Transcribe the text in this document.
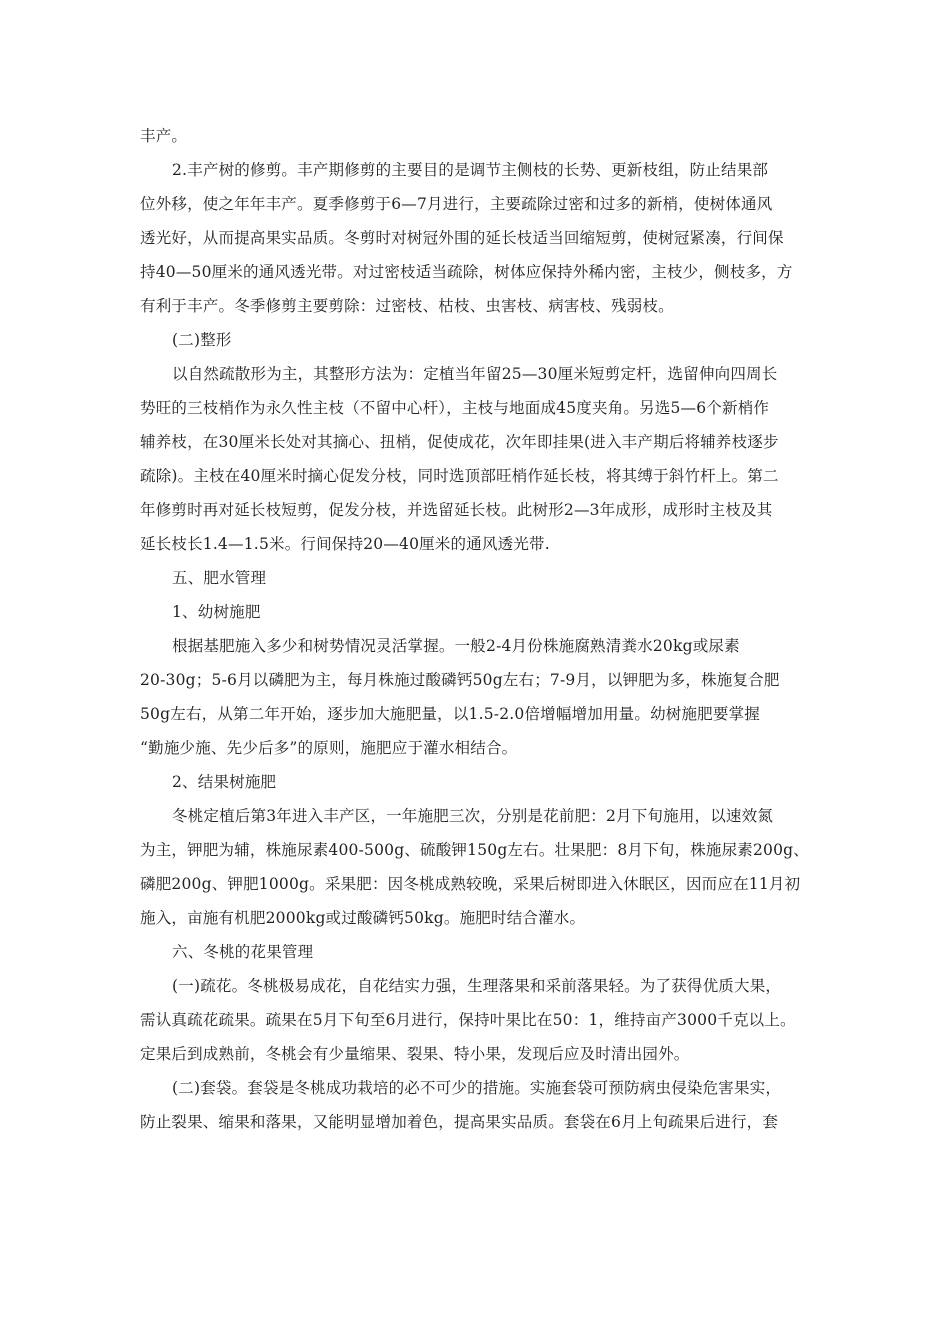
丰产。
2.丰产树的修剪。丰产期修剪的主要目的是调节主侧枝的长势、更新枝组，防止结果部
位外移，使之年年丰产。夏季修剪于6—7月进行，主要疏除过密和过多的新梢，使树体通风
透光好，从而提高果实品质。冬剪时对树冠外围的延长枝适当回缩短剪，使树冠紧凑，行间保
持40—50厘米的通风透光带。对过密枝适当疏除，树体应保持外稀内密，主枝少，侧枝多，方
有利于丰产。冬季修剪主要剪除：过密枝、枯枝、虫害枝、病害枝、残弱枝。
(二)整形
以自然疏散形为主，其整形方法为：定植当年留25—30厘米短剪定杆，选留伸向四周长
势旺的三枝梢作为永久性主枝（不留中心杆），主枝与地面成45度夹角。另选5—6个新梢作
辅养枝，在30厘米长处对其摘心、扭梢，促使成花，次年即挂果(进入丰产期后将辅养枝逐步
疏除)。主枝在40厘米时摘心促发分枝，同时选顶部旺梢作延长枝，将其缚于斜竹杆上。第二
年修剪时再对延长枝短剪，促发分枝，并选留延长枝。此树形2—3年成形，成形时主枝及其
延长枝长1.4—1.5米。行间保持20—40厘米的通风透光带.
五、肥水管理
1、幼树施肥
根据基肥施入多少和树势情况灵活掌握。一般2-4月份株施腐熟清粪水20kg或尿素
20-30g；5-6月以磷肥为主，每月株施过酸磷钙50g左右；7-9月，以钾肥为多，株施复合肥
50g左右，从第二年开始，逐步加大施肥量，以1.5-2.0倍增幅增加用量。幼树施肥要掌握
“勤施少施、先少后多”的原则，施肥应于灌水相结合。
2、结果树施肥
冬桃定植后第3年进入丰产区，一年施肥三次，分别是花前肥：2月下旬施用，以速效氮
为主，钾肥为辅，株施尿素400-500g、硫酸钾150g左右。壮果肥：8月下旬，株施尿素200g、
磷肥200g、钾肥1000g。采果肥：因冬桃成熟较晚，采果后树即进入休眠区，因而应在11月初
施入，亩施有机肥2000kg或过酸磷钙50kg。施肥时结合灌水。
六、冬桃的花果管理
(一)疏花。冬桃极易成花，自花结实力强，生理落果和采前落果轻。为了获得优质大果，
需认真疏花疏果。疏果在5月下旬至6月进行，保持叶果比在50：1，维持亩产3000千克以上。
定果后到成熟前，冬桃会有少量缩果、裂果、特小果，发现后应及时清出园外。
(二)套袋。套袋是冬桃成功栽培的必不可少的措施。实施套袋可预防病虫侵染危害果实，
防止裂果、缩果和落果，又能明显增加着色，提高果实品质。套袋在6月上旬疏果后进行，套
